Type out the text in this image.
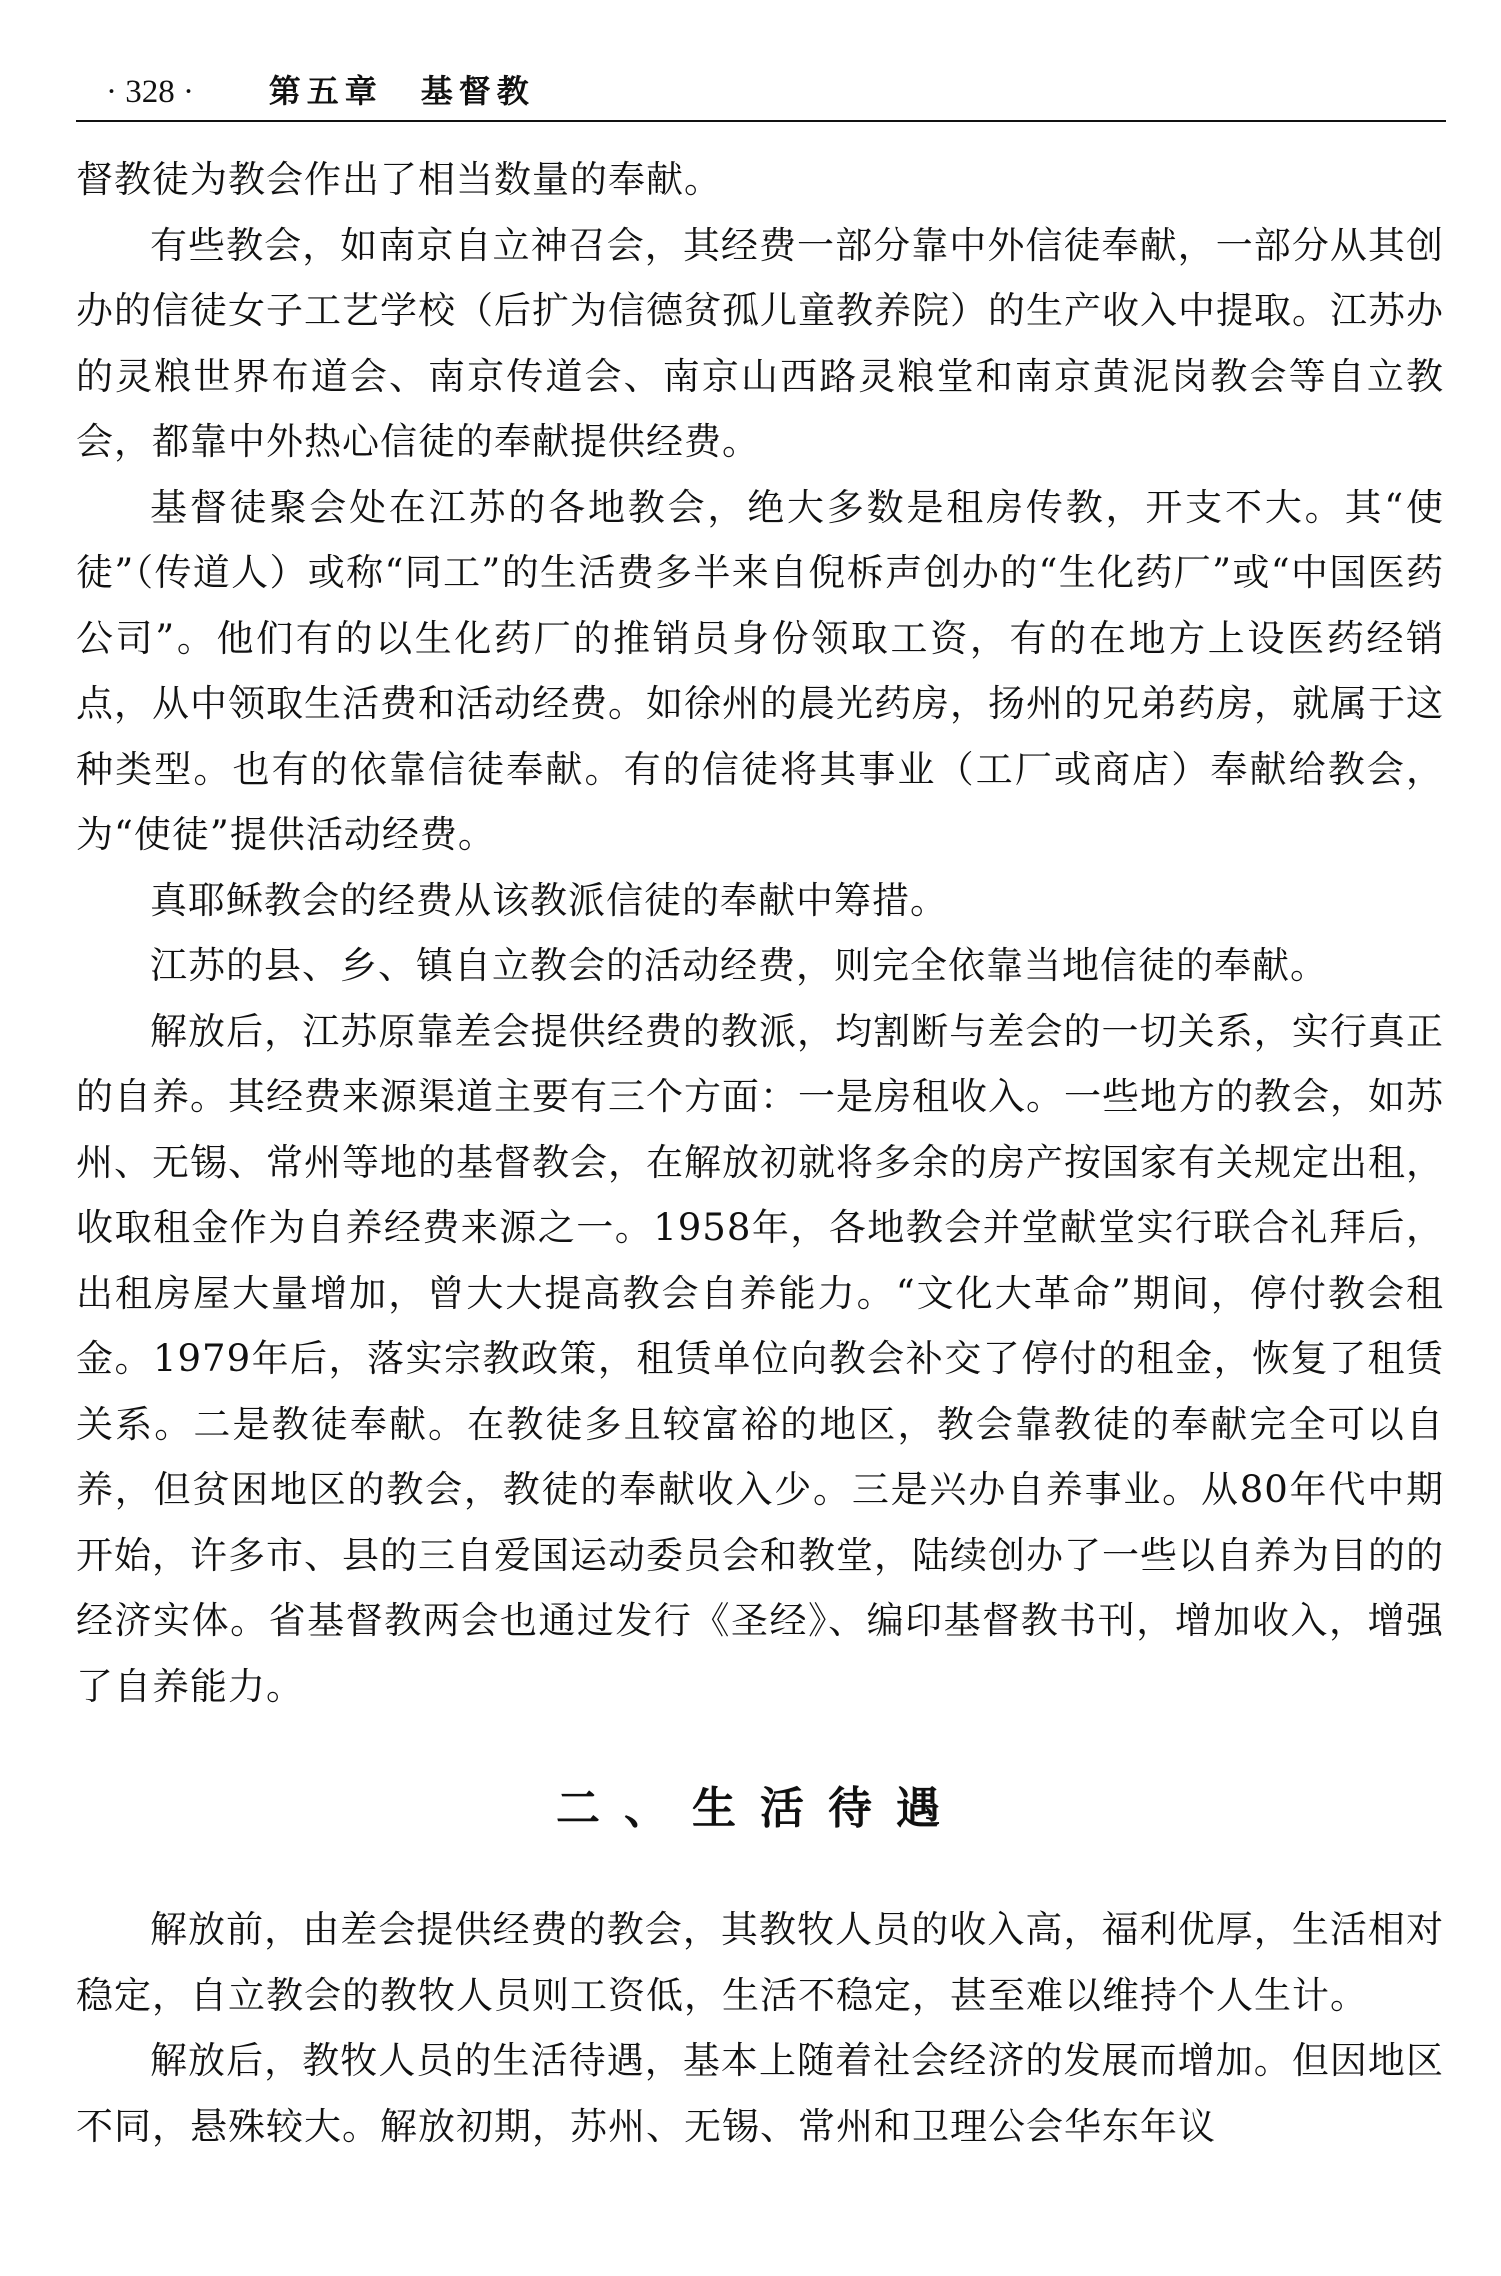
· 328 · 第五章　基督教

督教徒为教会作出了相当数量的奉献。

有些教会，如南京自立神召会，其经费一部分靠中外信徒奉献，一部分从其创办的信徒女子工艺学校（后扩为信德贫孤儿童教养院）的生产收入中提取。江苏办的灵粮世界布道会、南京传道会、南京山西路灵粮堂和南京黄泥岗教会等自立教会，都靠中外热心信徒的奉献提供经费。

基督徒聚会处在江苏的各地教会，绝大多数是租房传教，开支不大。其“使徒”（传道人）或称“同工”的生活费多半来自倪柝声创办的“生化药厂”或“中国医药公司”。他们有的以生化药厂的推销员身份领取工资，有的在地方上设医药经销点，从中领取生活费和活动经费。如徐州的晨光药房，扬州的兄弟药房，就属于这种类型。也有的依靠信徒奉献。有的信徒将其事业（工厂或商店）奉献给教会，为“使徒”提供活动经费。

真耶稣教会的经费从该教派信徒的奉献中筹措。

江苏的县、乡、镇自立教会的活动经费，则完全依靠当地信徒的奉献。

解放后，江苏原靠差会提供经费的教派，均割断与差会的一切关系，实行真正的自养。其经费来源渠道主要有三个方面：一是房租收入。一些地方的教会，如苏州、无锡、常州等地的基督教会，在解放初就将多余的房产按国家有关规定出租，收取租金作为自养经费来源之一。1958年，各地教会并堂献堂实行联合礼拜后，出租房屋大量增加，曾大大提高教会自养能力。“文化大革命”期间，停付教会租金。1979年后，落实宗教政策，租赁单位向教会补交了停付的租金，恢复了租赁关系。二是教徒奉献。在教徒多且较富裕的地区，教会靠教徒的奉献完全可以自养，但贫困地区的教会，教徒的奉献收入少。三是兴办自养事业。从80年代中期开始，许多市、县的三自爱国运动委员会和教堂，陆续创办了一些以自养为目的的经济实体。省基督教两会也通过发行《圣经》、编印基督教书刊，增加收入，增强了自养能力。

二、生活待遇

解放前，由差会提供经费的教会，其教牧人员的收入高，福利优厚，生活相对稳定，自立教会的教牧人员则工资低，生活不稳定，甚至难以维持个人生计。

解放后，教牧人员的生活待遇，基本上随着社会经济的发展而增加。但因地区不同，悬殊较大。解放初期，苏州、无锡、常州和卫理公会华东年议
